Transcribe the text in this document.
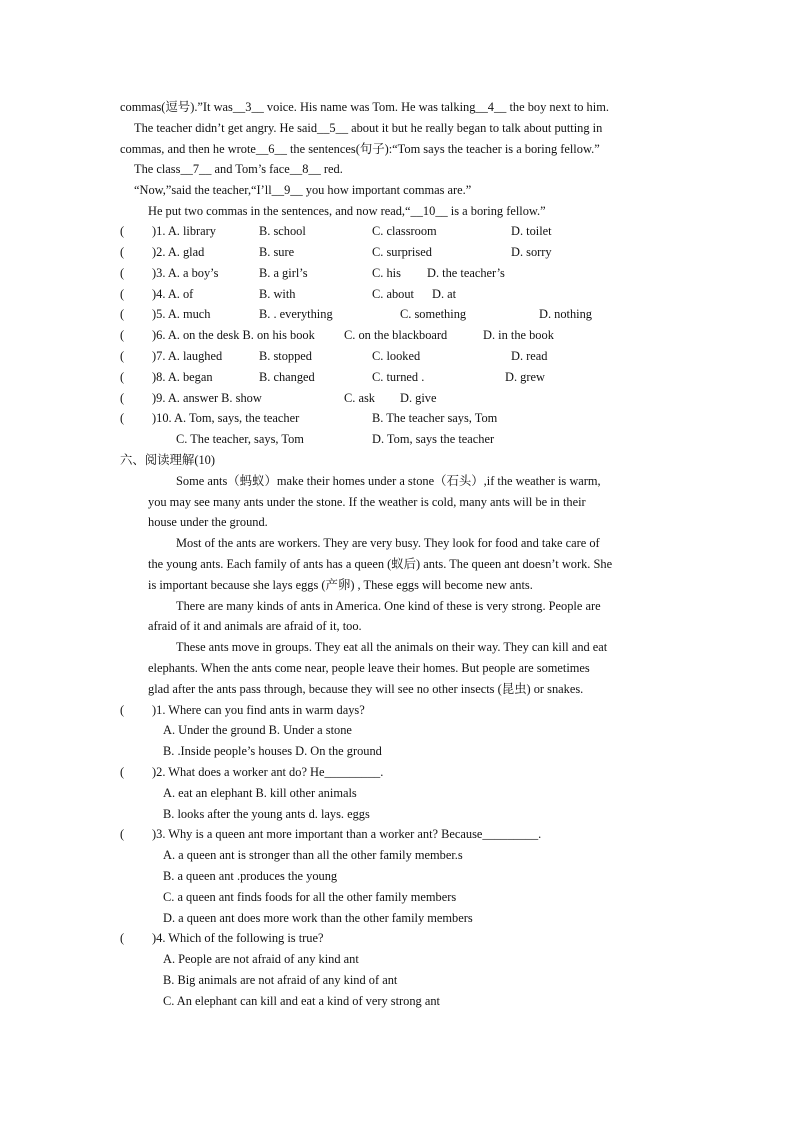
commas(逗号).”It was__3__ voice. His name was Tom. He was talking__4__ the boy next to him.
The teacher didn’t get angry. He said__5__ about it but he really began to talk about putting in
commas, and then he wrote__6__ the sentences(句子):“Tom says the teacher is a boring fellow.”
The class__7__ and Tom’s face__8__ red.
“Now,”said the teacher,“I’ll__9__ you how important commas are.”
He put two commas in the sentences, and now read,“__10__ is a boring fellow.”
( )1. A. library	B. school	C. classroom	D. toilet
( )2. A. glad	B. sure	C. surprised	D. sorry
( )3. A. a boy’s	B. a girl’s	C. his D. the teacher’s
( )4. A. of	B. with	C. about D. at
( )5. A. much	B. . everything	C. something	D. nothing
( )6. A. on the desk B. on his book C. on the blackboard	D. in the book
( )7. A. laughed	B. stopped	C. looked	D. read
( )8. A. began	B. changed	C. turned .	D. grew
( )9. A. answer B. show	C. ask D. give
( )10. A. Tom, says, the teacher	B. The teacher says, Tom
C. The teacher, says, Tom	D. Tom, says the teacher
六、阅读理解(10)
Some ants（蚂蚁）make their homes under a stone（石头）,if the weather is warm,
you may see many ants under the stone. If the weather is cold, many ants will be in their
house under the ground.
Most of the ants are workers. They are very busy. They look for food and take care of
the young ants. Each family of ants has a queen (蚁后) ants. The queen ant doesn’t work. She
is important because she lays eggs (产卵) , These eggs will become new ants.
There are many kinds of ants in America. One kind of these is very strong. People are
afraid of it and animals are afraid of it, too.
These ants move in groups. They eat all the animals on their way. They can kill and eat
elephants. When the ants come near, people leave their homes. But people are sometimes
glad after the ants pass through, because they will see no other insects (昆虫) or snakes.
( )1. Where can you find ants in warm days?
A. Under the ground B. Under a stone
B. .Inside people’s houses D. On the ground
( )2. What does a worker ant do? He_________.
A. eat an elephant B. kill other animals
B. looks after the young ants d. lays. eggs
( )3. Why is a queen ant more important than a worker ant? Because_________.
A. a queen ant is stronger than all the other family member.s
B. a queen ant .produces the young
C. a queen ant finds foods for all the other family members
D. a queen ant does more work than the other family members
( )4. Which of the following is true?
A. People are not afraid of any kind ant
B. Big animals are not afraid of any kind of ant
C. An elephant can kill and eat a kind of very strong ant
